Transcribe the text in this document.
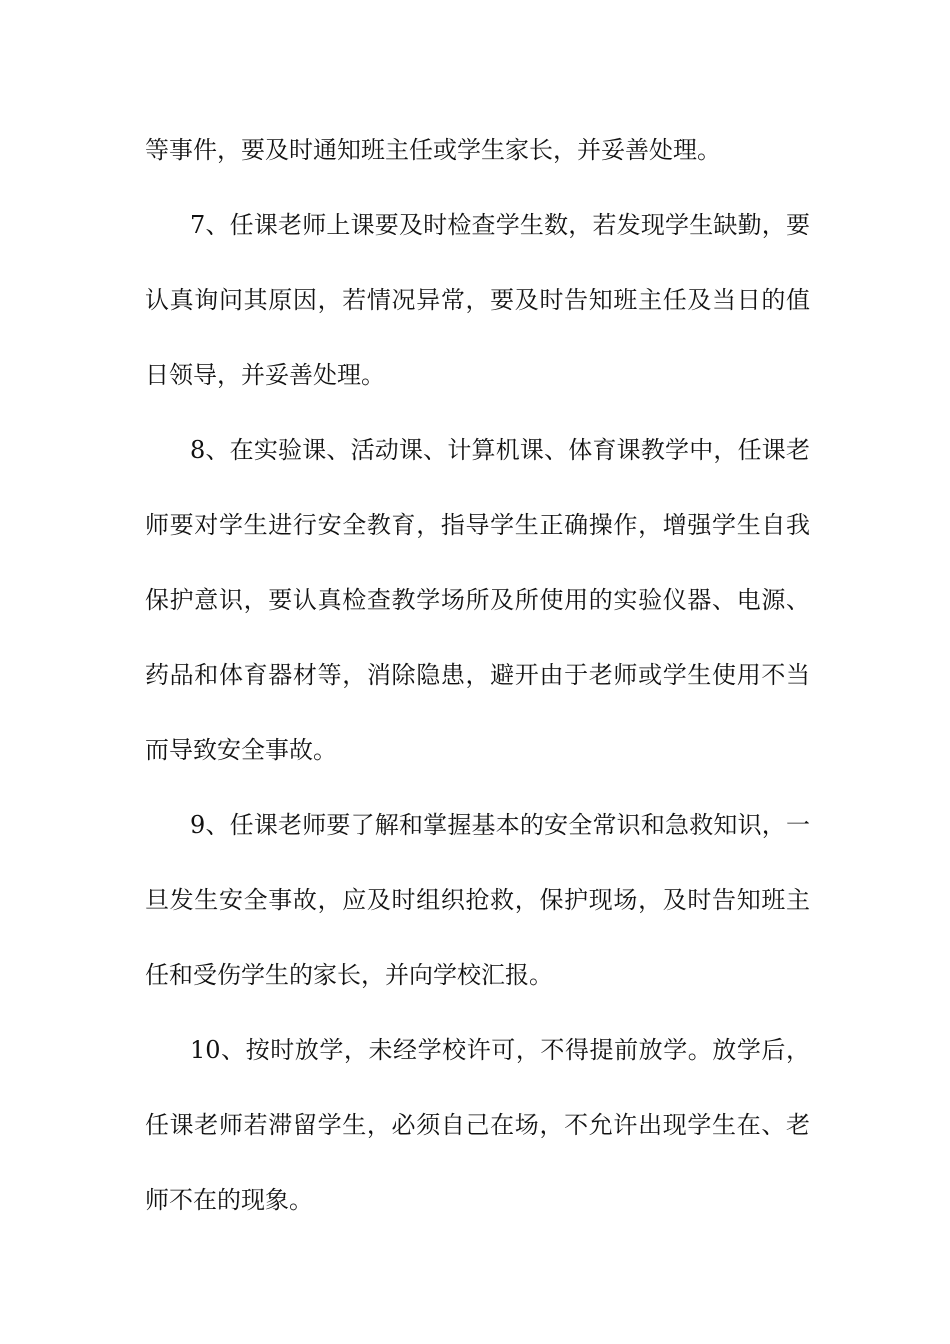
等事件，要及时通知班主任或学生家长，并妥善处理。
7、任课老师上课要及时检查学生数，若发现学生缺勤，要
认真询问其原因，若情况异常，要及时告知班主任及当日的值
日领导，并妥善处理。
8、在实验课、活动课、计算机课、体育课教学中，任课老
师要对学生进行安全教育，指导学生正确操作，增强学生自我
保护意识，要认真检查教学场所及所使用的实验仪器、电源、
药品和体育器材等，消除隐患，避开由于老师或学生使用不当
而导致安全事故。
9、任课老师要了解和掌握基本的安全常识和急救知识，一
旦发生安全事故，应及时组织抢救，保护现场，及时告知班主
任和受伤学生的家长，并向学校汇报。
10、按时放学，未经学校许可，不得提前放学。放学后，
任课老师若滞留学生，必须自己在场，不允许出现学生在、老
师不在的现象。
